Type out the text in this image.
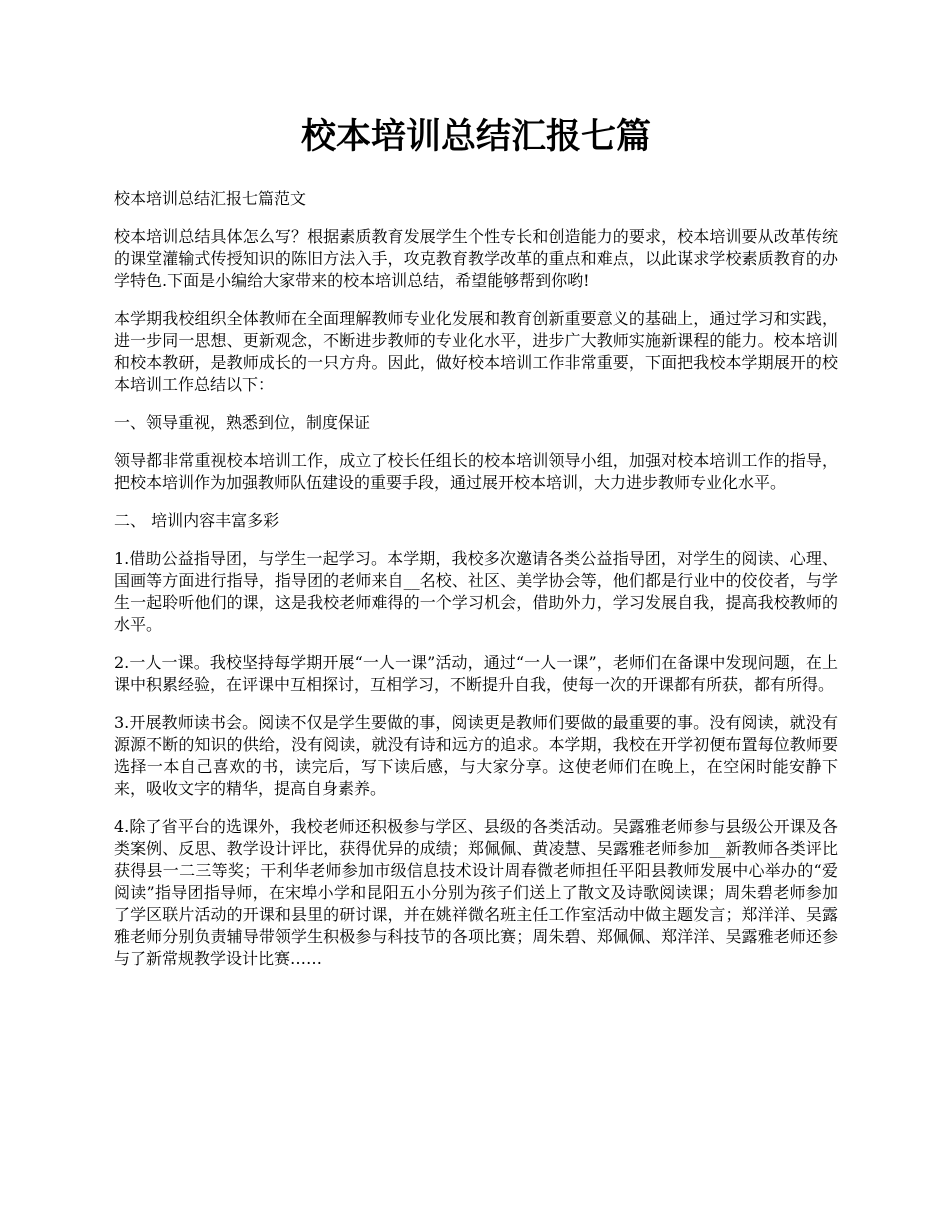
校本培训总结汇报七篇

校本培训总结汇报七篇范文

校本培训总结具体怎么写？根据素质教育发展学生个性专长和创造能力的要求，校本培训要从改革传统的课堂灌输式传授知识的陈旧方法入手，攻克教育教学改革的重点和难点，以此谋求学校素质教育的办学特色.下面是小编给大家带来的校本培训总结，希望能够帮到你哟!

本学期我校组织全体教师在全面理解教师专业化发展和教育创新重要意义的基础上，通过学习和实践，进一步同一思想、更新观念，不断进步教师的专业化水平，进步广大教师实施新课程的能力。校本培训和校本教研，是教师成长的一只方舟。因此，做好校本培训工作非常重要，下面把我校本学期展开的校本培训工作总结以下：

一、领导重视，熟悉到位，制度保证

领导都非常重视校本培训工作，成立了校长任组长的校本培训领导小组，加强对校本培训工作的指导，把校本培训作为加强教师队伍建设的重要手段，通过展开校本培训，大力进步教师专业化水平。

二、 培训内容丰富多彩

1.借助公益指导团，与学生一起学习。本学期，我校多次邀请各类公益指导团，对学生的阅读、心理、国画等方面进行指导，指导团的老师来自__名校、社区、美学协会等，他们都是行业中的佼佼者，与学生一起聆听他们的课，这是我校老师难得的一个学习机会，借助外力，学习发展自我，提高我校教师的水平。

2.一人一课。我校坚持每学期开展“一人一课”活动，通过“一人一课”，老师们在备课中发现问题，在上课中积累经验，在评课中互相探讨，互相学习，不断提升自我，使每一次的开课都有所获，都有所得。

3.开展教师读书会。阅读不仅是学生要做的事，阅读更是教师们要做的最重要的事。没有阅读，就没有源源不断的知识的供给，没有阅读，就没有诗和远方的追求。本学期，我校在开学初便布置每位教师要选择一本自己喜欢的书，读完后，写下读后感，与大家分享。这使老师们在晚上，在空闲时能安静下来，吸收文字的精华，提高自身素养。

4.除了省平台的选课外，我校老师还积极参与学区、县级的各类活动。吴露雅老师参与县级公开课及各类案例、反思、教学设计评比，获得优异的成绩；郑佩佩、黄凌慧、吴露雅老师参加__新教师各类评比获得县一二三等奖；干利华老师参加市级信息技术设计周春微老师担任平阳县教师发展中心举办的“爱阅读”指导团指导师，在宋埠小学和昆阳五小分别为孩子们送上了散文及诗歌阅读课；周朱碧老师参加了学区联片活动的开课和县里的研讨课，并在姚祥微名班主任工作室活动中做主题发言；郑洋洋、吴露雅老师分别负责辅导带领学生积极参与科技节的各项比赛；周朱碧、郑佩佩、郑洋洋、吴露雅老师还参与了新常规教学设计比赛……
